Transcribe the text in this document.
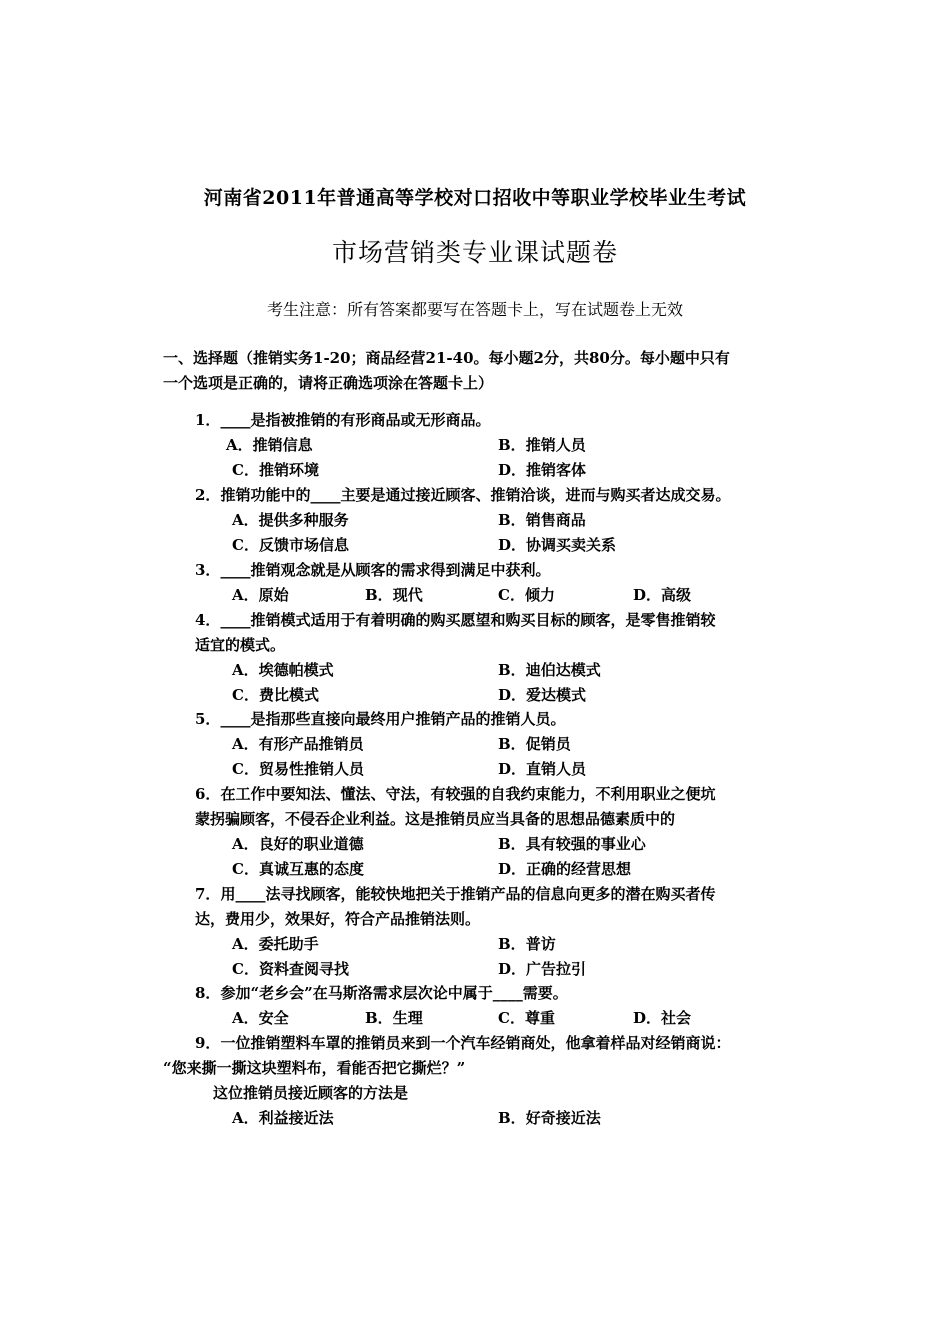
河南省2011年普通高等学校对口招收中等职业学校毕业生考试
市场营销类专业课试题卷
考生注意：所有答案都要写在答题卡上，写在试题卷上无效
一、选择题（推销实务1-20；商品经营21-40。每小题2分，共80分。每小题中只有
一个选项是正确的，请将正确选项涂在答题卡上）
1．____是指被推销的有形商品或无形商品。
A．推销信息	B．推销人员
C．推销环境	D．推销客体
2．推销功能中的____主要是通过接近顾客、推销洽谈，进而与购买者达成交易。
A．提供多种服务	B．销售商品
C．反馈市场信息	D．协调买卖关系
3．____推销观念就是从顾客的需求得到满足中获利。
A．原始	B．现代	C．倾力	D．高级
4．____推销模式适用于有着明确的购买愿望和购买目标的顾客，是零售推销较
适宜的模式。
A．埃德帕模式	B．迪伯达模式
C．费比模式	D．爱达模式
5．____是指那些直接向最终用户推销产品的推销人员。
A．有形产品推销员	B．促销员
C．贸易性推销人员	D．直销人员
6．在工作中要知法、懂法、守法，有较强的自我约束能力，不利用职业之便坑
蒙拐骗顾客，不侵吞企业利益。这是推销员应当具备的思想品德素质中的
A．良好的职业道德	B．具有较强的事业心
C．真诚互惠的态度	D．正确的经营思想
7．用____法寻找顾客，能较快地把关于推销产品的信息向更多的潜在购买者传
达，费用少，效果好，符合产品推销法则。
A．委托助手	B．普访
C．资料查阅寻找	D．广告拉引
8．参加“老乡会”在马斯洛需求层次论中属于____需要。
A．安全	B．生理	C．尊重	D．社会
9．一位推销塑料车罩的推销员来到一个汽车经销商处，他拿着样品对经销商说：
“您来撕一撕这块塑料布，看能否把它撕烂？”
这位推销员接近顾客的方法是
A．利益接近法	B．好奇接近法
